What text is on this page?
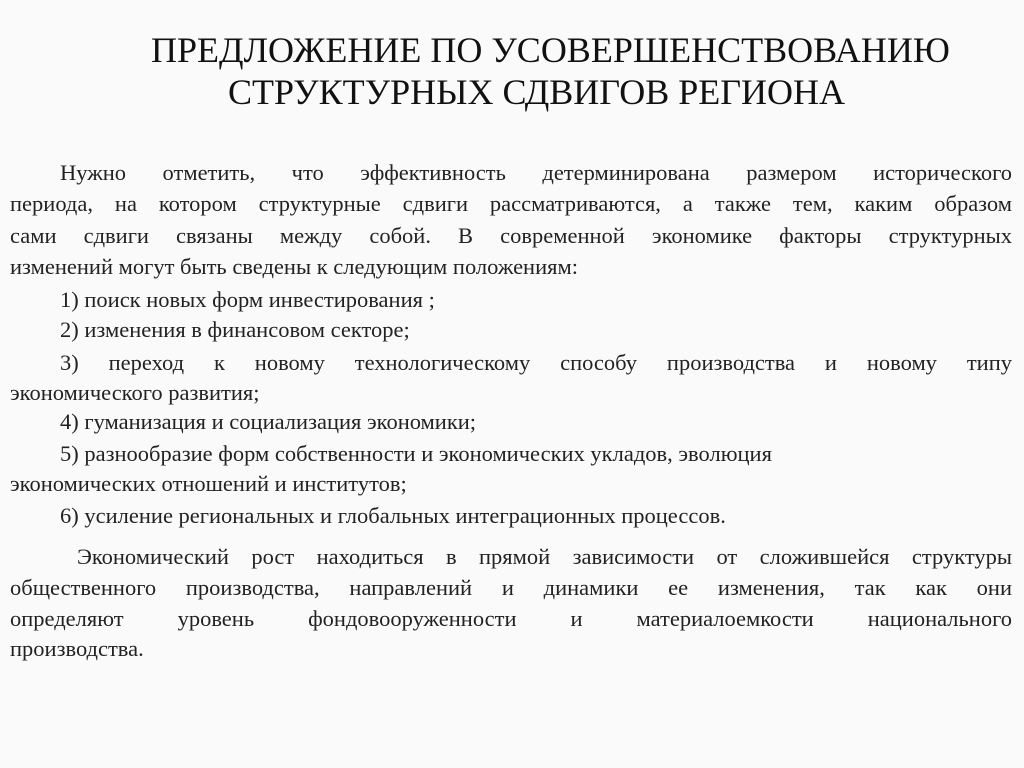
ПРЕДЛОЖЕНИЕ ПО УСОВЕРШЕНСТВОВАНИЮ
СТРУКТУРНЫХ СДВИГОВ РЕГИОНА
Нужно отметить, что эффективность детерминирована размером исторического
периода, на котором структурные сдвиги рассматриваются, а также тем, каким образом
сами сдвиги связаны между собой. В современной экономике факторы структурных
изменений могут быть сведены к следующим положениям:
1) поиск новых форм инвестирования ;
2) изменения в финансовом секторе;
3) переход к новому технологическому способу производства и новому типу
экономического развития;
4) гуманизация и социализация экономики;
5) разнообразие форм собственности и экономических укладов, эволюция
экономических отношений и институтов;
6) усиление региональных и глобальных интеграционных процессов.
Экономический рост находиться в прямой зависимости от сложившейся структуры
общественного производства, направлений и динамики ее изменения, так как они
определяют уровень фондовооруженности и материалоемкости национального
производства.
